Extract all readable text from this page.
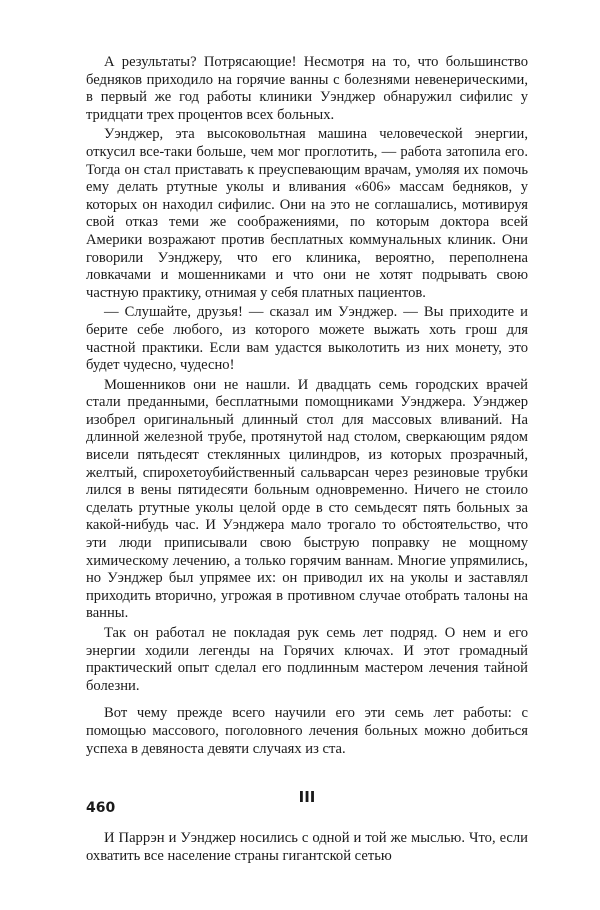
А результаты? Потрясающие! Несмотря на то, что большинство бедняков приходило на горячие ванны с болезнями невенерическими, в первый же год работы клиники Уэнджер обнаружил сифилис у тридцати трех процентов всех больных.

Уэнджер, эта высоковольтная машина человеческой энергии, откусил все-таки больше, чем мог проглотить, — работа затопила его. Тогда он стал приставать к преуспевающим врачам, умоляя их помочь ему делать ртутные уколы и вливания «606» массам бедняков, у которых он находил сифилис. Они на это не соглашались, мотивируя свой отказ теми же соображениями, по которым доктора всей Америки возражают против бесплатных коммунальных клиник. Они говорили Уэнджеру, что его клиника, вероятно, переполнена ловкачами и мошенниками и что они не хотят подрывать свою частную практику, отнимая у себя платных пациентов.

— Слушайте, друзья! — сказал им Уэнджер. — Вы приходите и берите себе любого, из которого можете выжать хоть грош для частной практики. Если вам удастся выколотить из них монету, это будет чудесно, чудесно!

Мошенников они не нашли. И двадцать семь городских врачей стали преданными, бесплатными помощниками Уэнджера. Уэнджер изобрел оригинальный длинный стол для массовых вливаний. На длинной железной трубе, протянутой над столом, сверкающим рядом висели пятьдесят стеклянных цилиндров, из которых прозрачный, желтый, спирохетоубийственный сальварсан через резиновые трубки лился в вены пятидесяти больным одновременно. Ничего не стоило сделать ртутные уколы целой орде в сто семьдесят пять больных за какой-нибудь час. И Уэнджера мало трогало то обстоятельство, что эти люди приписывали свою быструю поправку не мощному химическому лечению, а только горячим ваннам. Многие упрямились, но Уэнджер был упрямее их: он приводил их на уколы и заставлял приходить вторично, угрожая в противном случае отобрать талоны на ванны.

Так он работал не покладая рук семь лет подряд. О нем и его энергии ходили легенды на Горячих ключах. И этот громадный практический опыт сделал его подлинным мастером лечения тайной болезни.

Вот чему прежде всего научили его эти семь лет работы: с помощью массового, поголовного лечения больных можно добиться успеха в девяноста девяти случаях из ста.

III

И Паррэн и Уэнджер носились с одной и той же мыслью. Что, если охватить все население страны гигантской сетью

460
